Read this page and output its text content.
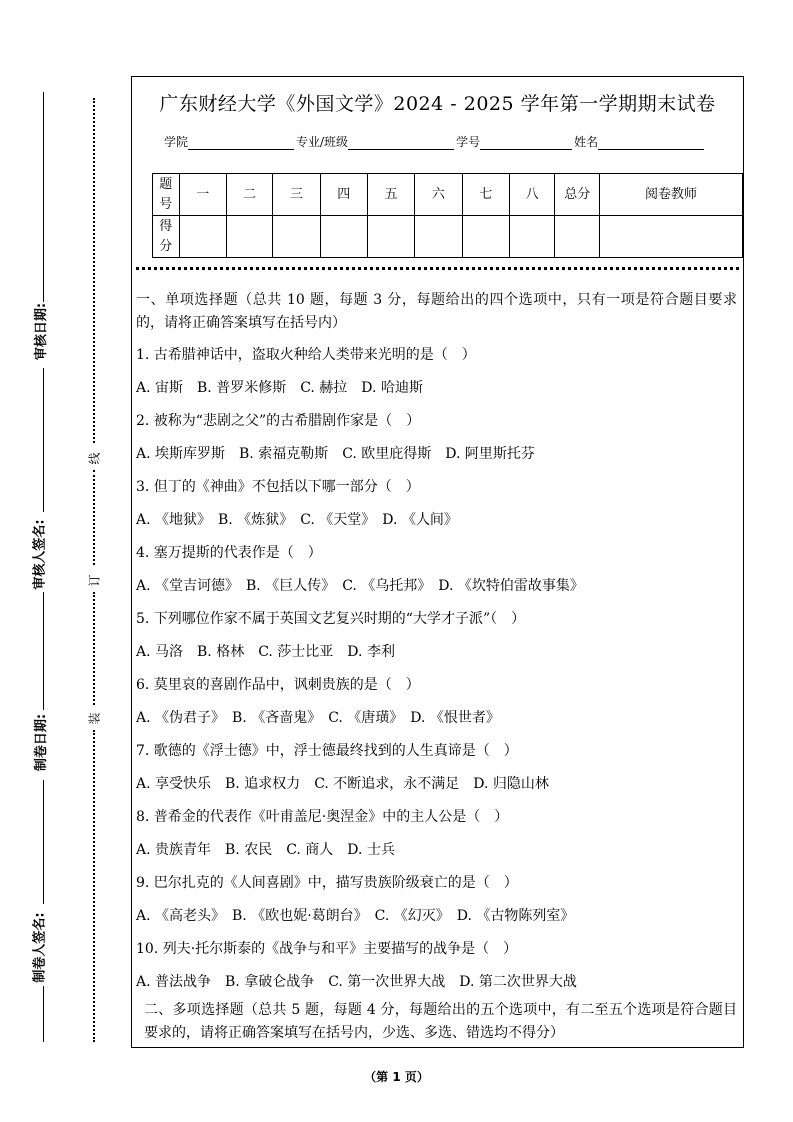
审核日期:
审核人签名:
制卷日期:
制卷人签名:
线
订
装
广东财经大学《外国文学》2024 - 2025 学年第一学期期末试卷
学院	专业/班级	学号	姓名
题号	一	二	三	四	五	六	七	八	总分	阅卷教师
得分										

一、单项选择题（总共 10 题，每题 3 分，每题给出的四个选项中，只有一项是符合题目要求的，请将正确答案填写在括号内）

1. 古希腊神话中，盗取火种给人类带来光明的是（　）

A. 宙斯　B. 普罗米修斯　C. 赫拉　D. 哈迪斯

2. 被称为“悲剧之父”的古希腊剧作家是（　）

A. 埃斯库罗斯　B. 索福克勒斯　C. 欧里庇得斯　D. 阿里斯托芬

3. 但丁的《神曲》不包括以下哪一部分（　）

A. 《地狱》　B. 《炼狱》　C. 《天堂》　D. 《人间》

4. 塞万提斯的代表作是（　）

A. 《堂吉诃德》　B. 《巨人传》　C. 《乌托邦》　D. 《坎特伯雷故事集》

5. 下列哪位作家不属于英国文艺复兴时期的“大学才子派”（　）

A. 马洛　B. 格林　C. 莎士比亚　D. 李利

6. 莫里哀的喜剧作品中，讽刺贵族的是（　）

A. 《伪君子》　B. 《吝啬鬼》　C. 《唐璜》　D. 《恨世者》

7. 歌德的《浮士德》中，浮士德最终找到的人生真谛是（　）

A. 享受快乐　B. 追求权力　C. 不断追求，永不满足　D. 归隐山林

8. 普希金的代表作《叶甫盖尼·奥涅金》中的主人公是（　）

A. 贵族青年　B. 农民　C. 商人　D. 士兵

9. 巴尔扎克的《人间喜剧》中，描写贵族阶级衰亡的是（　）

A. 《高老头》　B. 《欧也妮·葛朗台》　C. 《幻灭》　D. 《古物陈列室》

10. 列夫·托尔斯泰的《战争与和平》主要描写的战争是（　）

A. 普法战争　B. 拿破仑战争　C. 第一次世界大战　D. 第二次世界大战

二、多项选择题（总共 5 题，每题 4 分，每题给出的五个选项中，有二至五个选项是符合题目要求的，请将正确答案填写在括号内，少选、多选、错选均不得分）

（第 1 页）
